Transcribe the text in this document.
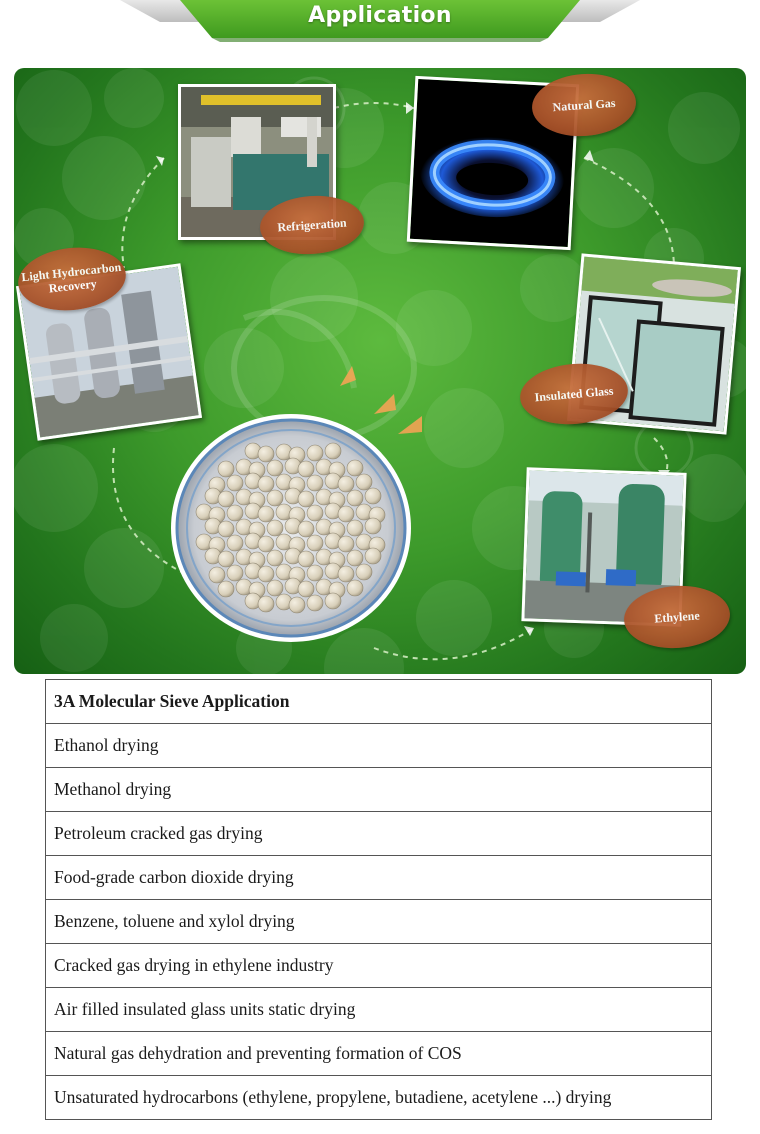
Application
Natural Gas
Refrigeration
Light Hydrocarbon Recovery
Insulated Glass
Ethylene
3A Molecular Sieve Application
Ethanol drying
Methanol drying
Petroleum cracked gas drying
Food-grade carbon dioxide drying
Benzene, toluene and xylol drying
Cracked gas drying in ethylene industry
Air filled insulated glass units static drying
Natural gas dehydration and preventing formation of COS
Unsaturated hydrocarbons (ethylene, propylene, butadiene, acetylene ...) drying
